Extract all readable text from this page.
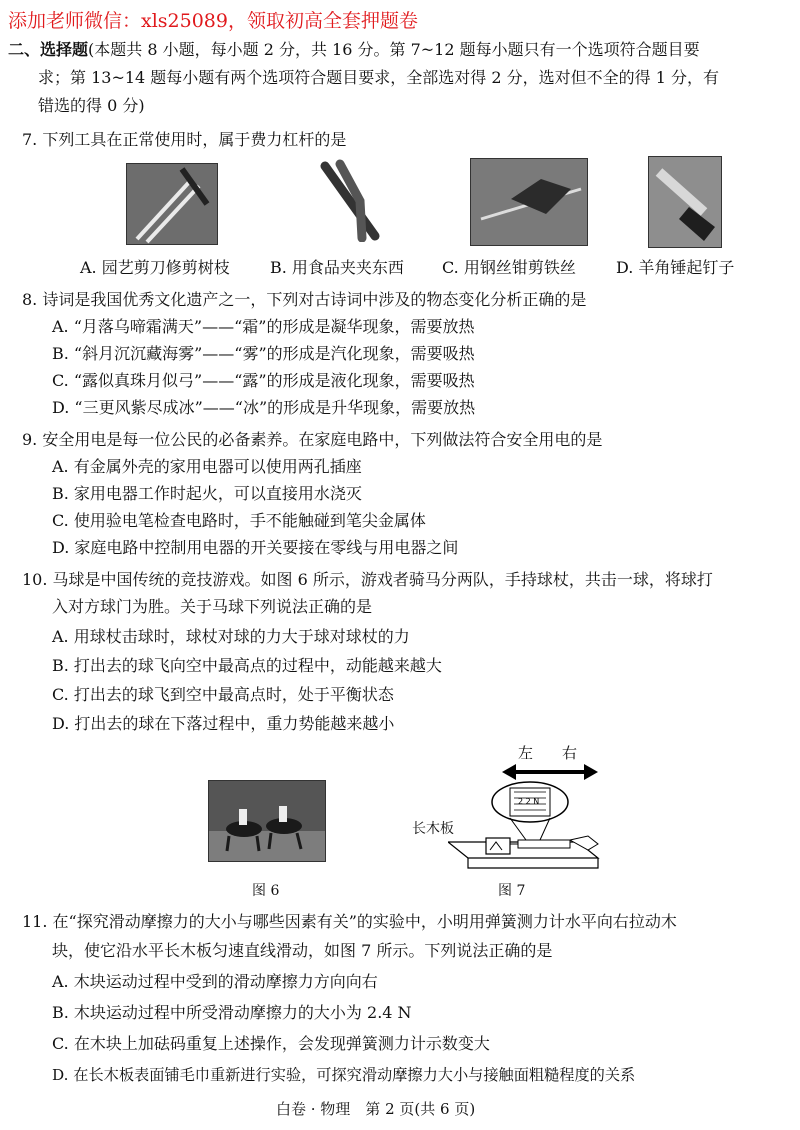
添加老师微信：xls25089，领取初高全套押题卷
二、选择题(本题共 8 小题，每小题 2 分，共 16 分。第 7~12 题每小题只有一个选项符合题目要
求；第 13~14 题每小题有两个选项符合题目要求，全部选对得 2 分，选对但不全的得 1 分，有
错选的得 0 分)
7. 下列工具在正常使用时，属于费力杠杆的是
A. 园艺剪刀修剪树枝	B. 用食品夹夹东西 C. 用钢丝钳剪铁丝	D. 羊角锤起钉子
8. 诗词是我国优秀文化遗产之一，下列对古诗词中涉及的物态变化分析正确的是
A. “月落乌啼霜满天”——“霜”的形成是凝华现象，需要放热
B. “斜月沉沉藏海雾”——“雾”的形成是汽化现象，需要吸热
C. “露似真珠月似弓”——“露”的形成是液化现象，需要吸热
D. “三更风紫尽成冰”——“冰”的形成是升华现象，需要放热
9. 安全用电是每一位公民的必备素养。在家庭电路中，下列做法符合安全用电的是
A. 有金属外壳的家用电器可以使用两孔插座
B. 家用电器工作时起火，可以直接用水浇灭
C. 使用验电笔检查电路时，手不能触碰到笔尖金属体
D. 家庭电路中控制用电器的开关要接在零线与用电器之间
10. 马球是中国传统的竞技游戏。如图 6 所示，游戏者骑马分两队，手持球杖，共击一球，将球打
入对方球门为胜。关于马球下列说法正确的是
A. 用球杖击球时，球杖对球的力大于球对球杖的力
B. 打出去的球飞向空中最高点的过程中，动能越来越大
C. 打出去的球飞到空中最高点时，处于平衡状态
D. 打出去的球在下落过程中，重力势能越来越小
图 6
左 右
长木板
2 2 N
图 7
11. 在“探究滑动摩擦力的大小与哪些因素有关”的实验中，小明用弹簧测力计水平向右拉动木
块，使它沿水平长木板匀速直线滑动，如图 7 所示。下列说法正确的是
A. 木块运动过程中受到的滑动摩擦力方向向右
B. 木块运动过程中所受滑动摩擦力的大小为 2.4 N
C. 在木块上加砝码重复上述操作，会发现弹簧测力计示数变大
D. 在长木板表面铺毛巾重新进行实验，可探究滑动摩擦力大小与接触面粗糙程度的关系
白卷 · 物理　第 2 页(共 6 页)
